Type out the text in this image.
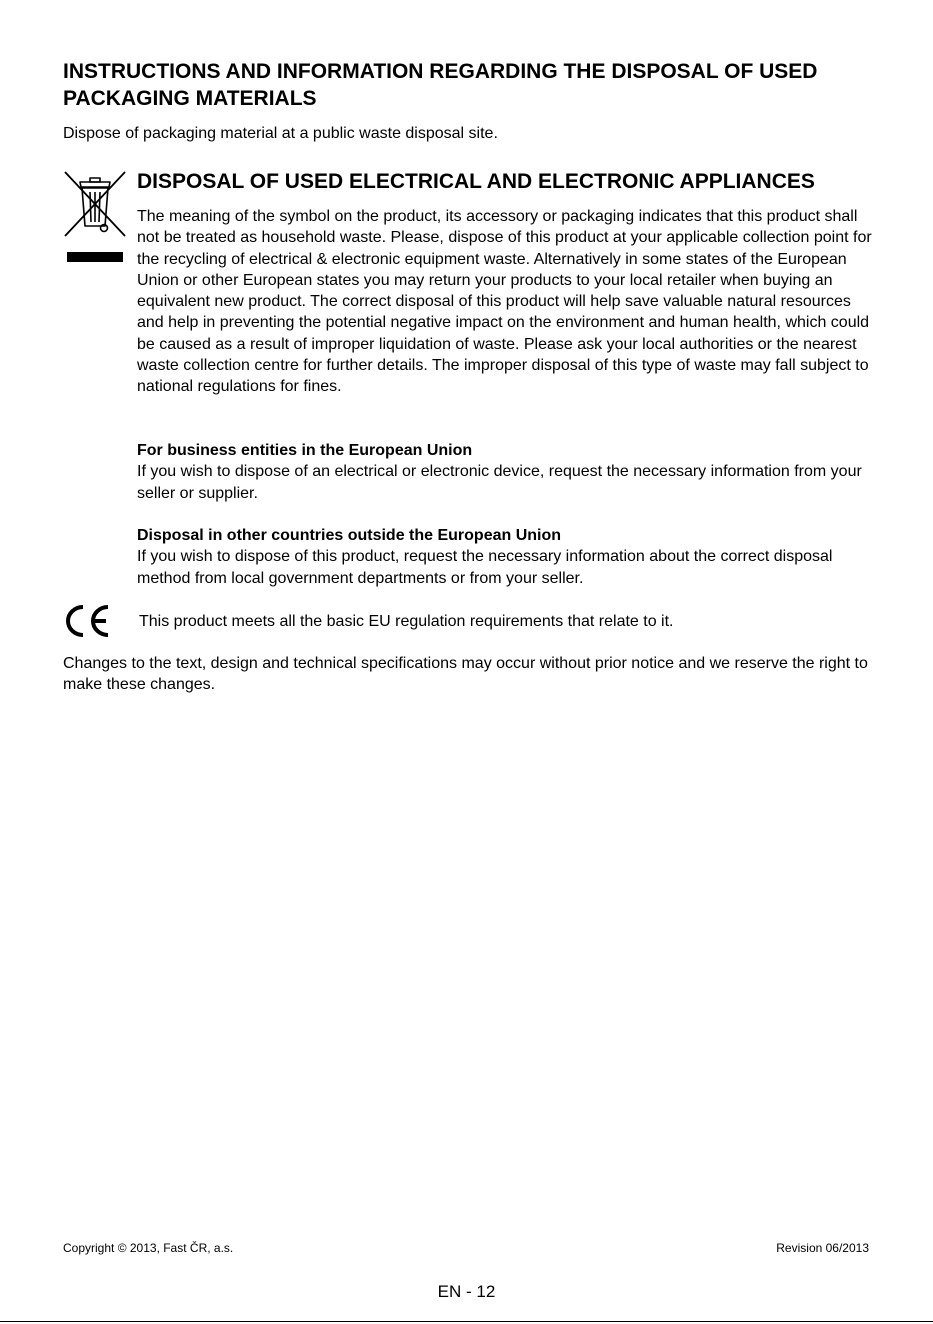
INSTRUCTIONS AND INFORMATION REGARDING THE DISPOSAL OF USED PACKAGING MATERIALS

Dispose of packaging material at a public waste disposal site.

DISPOSAL OF USED ELECTRICAL AND ELECTRONIC APPLIANCES

The meaning of the symbol on the product, its accessory or packaging indicates that this product shall not be treated as household waste. Please, dispose of this product at your applicable collection point for the recycling of electrical & electronic equipment waste. Alternatively in some states of the European Union or other European states you may return your products to your local retailer when buying an equivalent new product. The correct disposal of this product will help save valuable natural resources and help in preventing the potential negative impact on the environment and human health, which could be caused as a result of improper liquidation of waste. Please ask your local authorities or the nearest waste collection centre for further details. The improper disposal of this type of waste may fall subject to national regulations for fines.

For business entities in the European Union
If you wish to dispose of an electrical or electronic device, request the necessary information from your seller or supplier.
Disposal in other countries outside the European Union
If you wish to dispose of this product, request the necessary information about the correct disposal method from local government departments or from your seller.

This product meets all the basic EU regulation requirements that relate to it.

Changes to the text, design and technical specifications may occur without prior notice and we reserve the right to make these changes.

Copyright © 2013, Fast ČR, a.s.	Revision 06/2013

EN - 12
